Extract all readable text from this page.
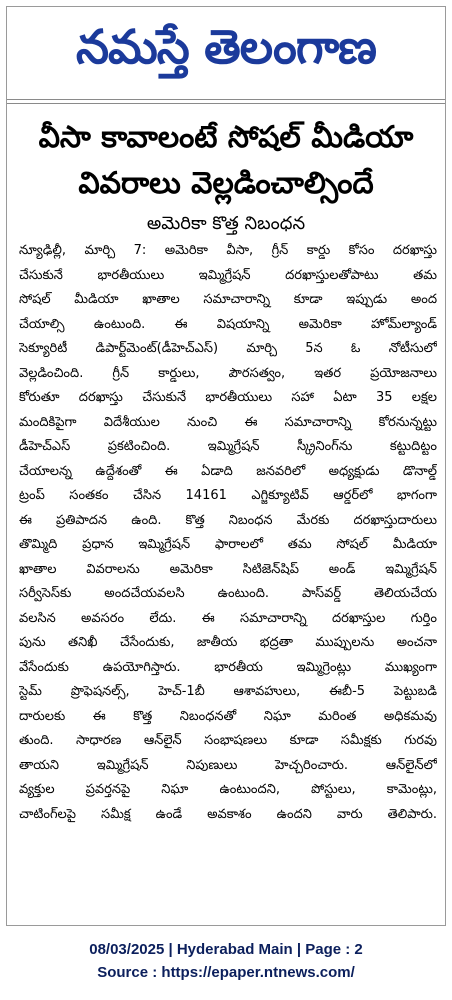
నమస్తే తెలంగాణ
వీసా కావాలంటే సోషల్ మీడియా
వివరాలు వెల్లడించాల్సిందే
అమెరికా కొత్త నిబంధన
న్యూఢిల్లీ, మార్చి 7: అమెరికా వీసా, గ్రీన్ కార్డు కోసం దరఖాస్తు
చేసుకునే భారతీయులు ఇమ్మిగ్రేషన్ దరఖాస్తులతోపాటు తమ
సోషల్ మీడియా ఖాతాల సమాచారాన్ని కూడా ఇప్పుడు అంద
చేయాల్సి ఉంటుంది. ఈ విషయాన్ని అమెరికా హోమ్‌ల్యాండ్
సెక్యూరిటీ డిపార్ట్‌మెంట్(డీహెచ్‌ఎస్) మార్చి 5న ఓ నోటీసులో
వెల్లడించింది. గ్రీన్ కార్డులు, పౌరసత్వం, ఇతర ప్రయోజనాలు
కోరుతూ దరఖాస్తు చేసుకునే భారతీయులు సహా ఏటా 35 లక్షల
మందికిపైగా విదేశీయుల నుంచి ఈ సమాచారాన్ని కోరనున్నట్టు
డీహెచ్‌ఎస్ ప్రకటించింది. ఇమ్మిగ్రేషన్ స్క్రీనింగ్‌ను కట్టుదిట్టం
చేయాలన్న ఉద్దేశంతో ఈ ఏడాది జనవరిలో అధ్యక్షుడు డొనాల్డ్
ట్రంప్ సంతకం చేసిన 14161 ఎగ్జిక్యూటివ్ ఆర్డర్‌లో భాగంగా
ఈ ప్రతిపాదన ఉంది. కొత్త నిబంధన మేరకు దరఖాస్తుదారులు
తొమ్మిది ప్రధాన ఇమ్మిగ్రేషన్ ఫారాలలో తమ సోషల్ మీడియా
ఖాతాల వివరాలను అమెరికా సిటిజెన్‌షిప్ అండ్ ఇమ్మిగ్రేషన్
సర్వీసెస్‌కు అందచేయవలసి ఉంటుంది. పాస్‌వర్డ్ తెలియచేయ
వలసిన అవసరం లేదు. ఈ సమాచారాన్ని దరఖాస్తుల గుర్తిం
పును తనిఖీ చేసేందుకు, జాతీయ భద్రతా ముప్పులను అంచనా
వేసేందుకు ఉపయోగిస్తారు. భారతీయ ఇమ్మిగ్రెంట్లు ముఖ్యంగా
స్టెమ్ ప్రొఫెషనల్స్, హెచ్-1బీ ఆశావహులు, ఈబీ-5 పెట్టుబడి
దారులకు ఈ కొత్త నిబంధనతో నిఘా మరింత అధికమవు
తుంది. సాధారణ ఆన్‌లైన్ సంభాషణలు కూడా సమీక్షకు గురవు
తాయని ఇమ్మిగ్రేషన్ నిపుణులు హెచ్చరించారు. ఆన్‌లైన్‌లో
వ్యక్తుల ప్రవర్తనపై నిఘా ఉంటుందని, పోస్టులు, కామెంట్లు,
చాటింగ్‌లపై సమీక్ష ఉండే అవకాశం ఉందని వారు తెలిపారు.
08/03/2025 | Hyderabad Main | Page : 2
Source : https://epaper.ntnews.com/
